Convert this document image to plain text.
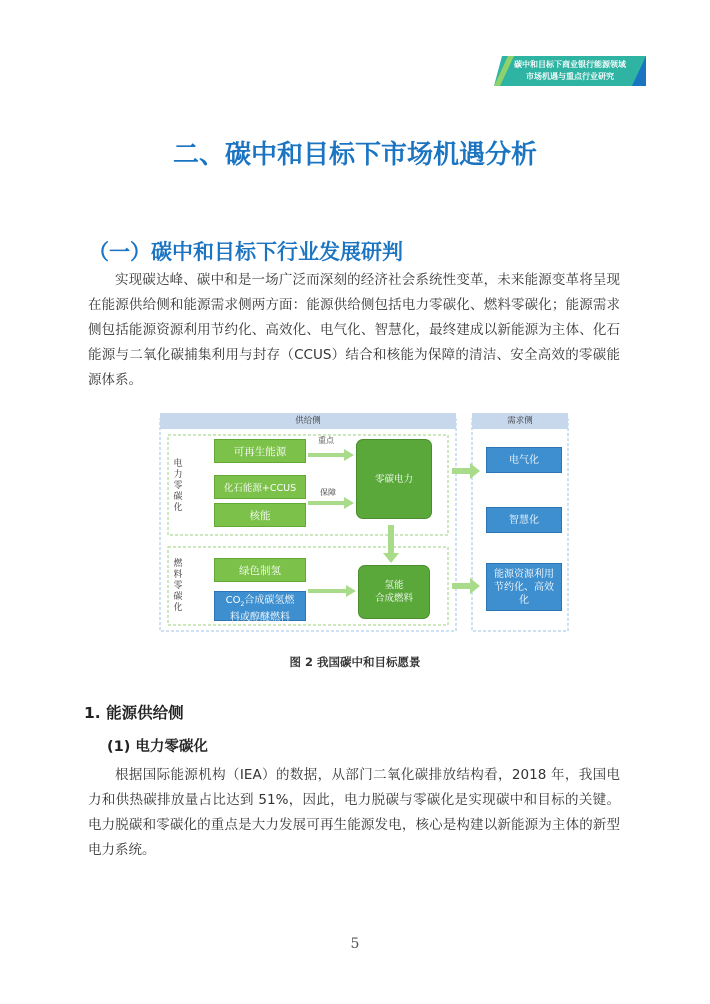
碳中和目标下商业银行能源领域
市场机遇与重点行业研究
二、碳中和目标下市场机遇分析
（一）碳中和目标下行业发展研判

实现碳达峰、碳中和是一场广泛而深刻的经济社会系统性变革，未来能源变革将呈现在能源供给侧和能源需求侧两方面：能源供给侧包括电力零碳化、燃料零碳化；能源需求侧包括能源资源利用节约化、高效化、电气化、智慧化，最终建成以新能源为主体、化石能源与二氧化碳捕集利用与封存（CCUS）结合和核能为保障的清洁、安全高效的零碳能源体系。

供给侧	需求侧
电力零碳化
燃料零碳化
可再生能源
化石能源+CCUS
核能
绿色制氢
$CO_2$合成碳氢燃料或醇醚燃料
重点
保障
零碳电力
氢能
合成燃料
电气化
智慧化
能源资源利用节约化、高效化
图 2 我国碳中和目标愿景
1. 能源供给侧
(1) 电力零碳化

根据国际能源机构（IEA）的数据，从部门二氧化碳排放结构看，2018 年，我国电力和供热碳排放量占比达到 51%，因此，电力脱碳与零碳化是实现碳中和目标的关键。电力脱碳和零碳化的重点是大力发展可再生能源发电，核心是构建以新能源为主体的新型电力系统。

5
